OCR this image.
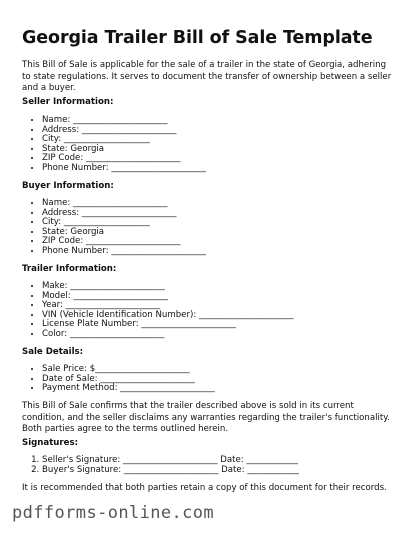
Georgia Trailer Bill of Sale Template

This Bill of Sale is applicable for the sale of a trailer in the state of Georgia, adhering to state regulations. It serves to document the transfer of ownership between a seller and a buyer.

Seller Information:

• Name: ______________________
• Address: ______________________
• City: ____________________
• State: Georgia
• ZIP Code: ______________________
• Phone Number: ______________________

Buyer Information:

• Name: ______________________
• Address: ______________________
• City: ____________________
• State: Georgia
• ZIP Code: ______________________
• Phone Number: ______________________

Trailer Information:

• Make: ______________________
• Model: ______________________
• Year: ______________________
• VIN (Vehicle Identification Number): ______________________
• License Plate Number: ______________________
• Color: ______________________

Sale Details:

• Sale Price: $______________________
• Date of Sale: ______________________
• Payment Method: ______________________

This Bill of Sale confirms that the trailer described above is sold in its current condition, and the seller disclaims any warranties regarding the trailer's functionality. Both parties agree to the terms outlined herein.

Signatures:

1. Seller's Signature: ______________________ Date: ____________
2. Buyer's Signature: ______________________ Date: ____________

It is recommended that both parties retain a copy of this document for their records.

pdfforms-online.com
